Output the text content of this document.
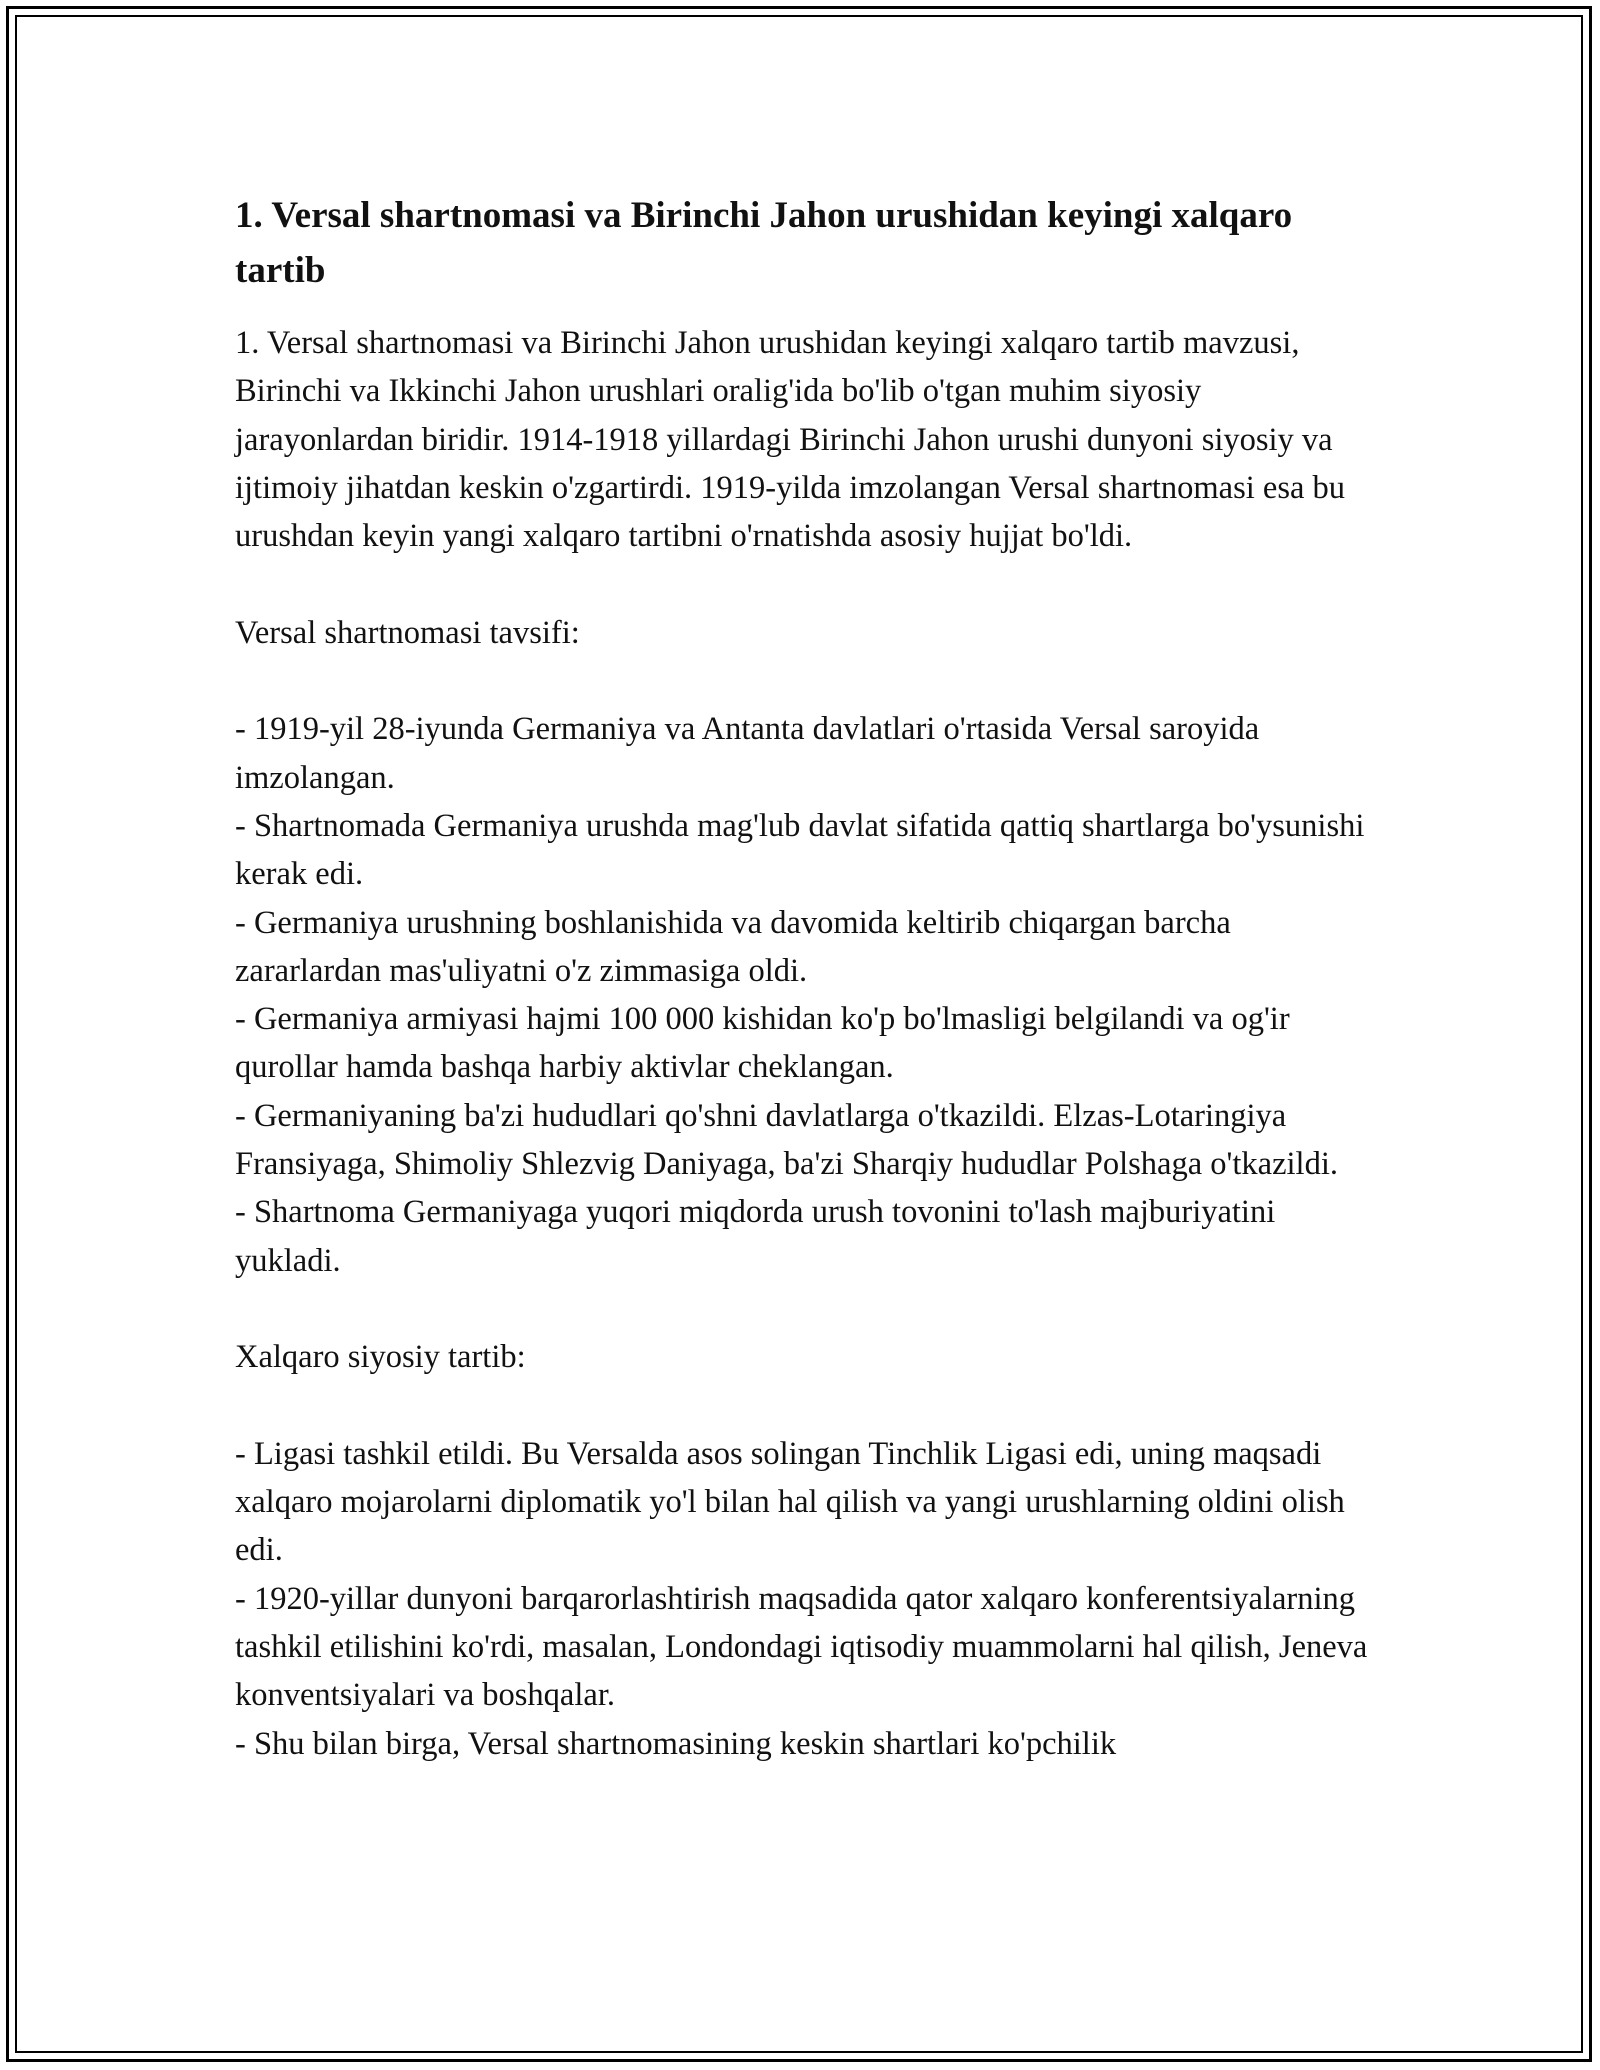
1. Versal shartnomasi va Birinchi Jahon urushidan keyingi xalqaro tartib

1. Versal shartnomasi va Birinchi Jahon urushidan keyingi xalqaro tartib mavzusi, Birinchi va Ikkinchi Jahon urushlari oralig'ida bo'lib o'tgan muhim siyosiy jarayonlardan biridir. 1914-1918 yillardagi Birinchi Jahon urushi dunyoni siyosiy va ijtimoiy jihatdan keskin o'zgartirdi. 1919-yilda imzolangan Versal shartnomasi esa bu urushdan keyin yangi xalqaro tartibni o'rnatishda asosiy hujjat bo'ldi.

Versal shartnomasi tavsifi:

- 1919-yil 28-iyunda Germaniya va Antanta davlatlari o'rtasida Versal saroyida imzolangan.

- Shartnomada Germaniya urushda mag'lub davlat sifatida qattiq shartlarga bo'ysunishi kerak edi.

- Germaniya urushning boshlanishida va davomida keltirib chiqargan barcha zararlardan mas'uliyatni o'z zimmasiga oldi.

- Germaniya armiyasi hajmi 100 000 kishidan ko'p bo'lmasligi belgilandi va og'ir qurollar hamda bashqa harbiy aktivlar cheklangan.

- Germaniyaning ba'zi hududlari qo'shni davlatlarga o'tkazildi. Elzas-Lotaringiya Fransiyaga, Shimoliy Shlezvig Daniyaga, ba'zi Sharqiy hududlar Polshaga o'tkazildi.

- Shartnoma Germaniyaga yuqori miqdorda urush tovonini to'lash majburiyatini yukladi.

Xalqaro siyosiy tartib:

- Ligasi tashkil etildi. Bu Versalda asos solingan Tinchlik Ligasi edi, uning maqsadi xalqaro mojarolarni diplomatik yo'l bilan hal qilish va yangi urushlarning oldini olish edi.

- 1920-yillar dunyoni barqarorlashtirish maqsadida qator xalqaro konferentsiyalarning tashkil etilishini ko'rdi, masalan, Londondagi iqtisodiy muammolarni hal qilish, Jeneva konventsiyalari va boshqalar.

- Shu bilan birga, Versal shartnomasining keskin shartlari ko'pchilik
